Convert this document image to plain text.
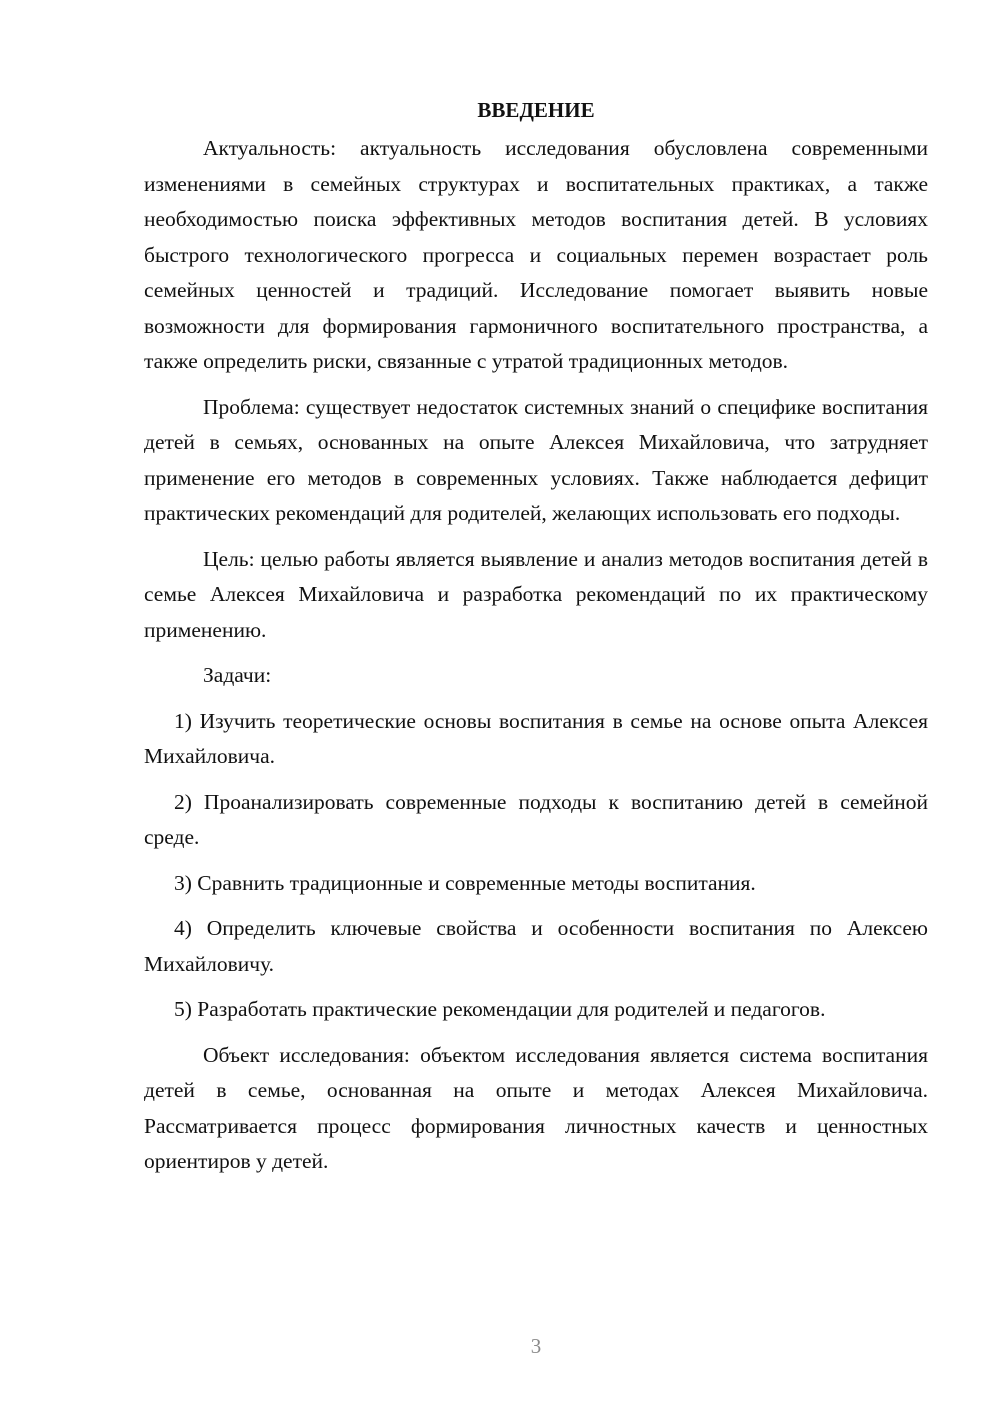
ВВЕДЕНИЕ

Актуальность: актуальность исследования обусловлена современными изменениями в семейных структурах и воспитательных практиках, а также необходимостью поиска эффективных методов воспитания детей. В условиях быстрого технологического прогресса и социальных перемен возрастает роль семейных ценностей и традиций. Исследование помогает выявить новые возможности для формирования гармоничного воспитательного пространства, а также определить риски, связанные с утратой традиционных методов.

Проблема: существует недостаток системных знаний о специфике воспитания детей в семьях, основанных на опыте Алексея Михайловича, что затрудняет применение его методов в современных условиях. Также наблюдается дефицит практических рекомендаций для родителей, желающих использовать его подходы.

Цель: целью работы является выявление и анализ методов воспитания детей в семье Алексея Михайловича и разработка рекомендаций по их практическому применению.

Задачи:

1) Изучить теоретические основы воспитания в семье на основе опыта Алексея Михайловича.

2) Проанализировать современные подходы к воспитанию детей в семейной среде.

3) Сравнить традиционные и современные методы воспитания.

4) Определить ключевые свойства и особенности воспитания по Алексею Михайловичу.

5) Разработать практические рекомендации для родителей и педагогов.

Объект исследования: объектом исследования является система воспитания детей в семье, основанная на опыте и методах Алексея Михайловича. Рассматривается процесс формирования личностных качеств и ценностных ориентиров у детей.

3
